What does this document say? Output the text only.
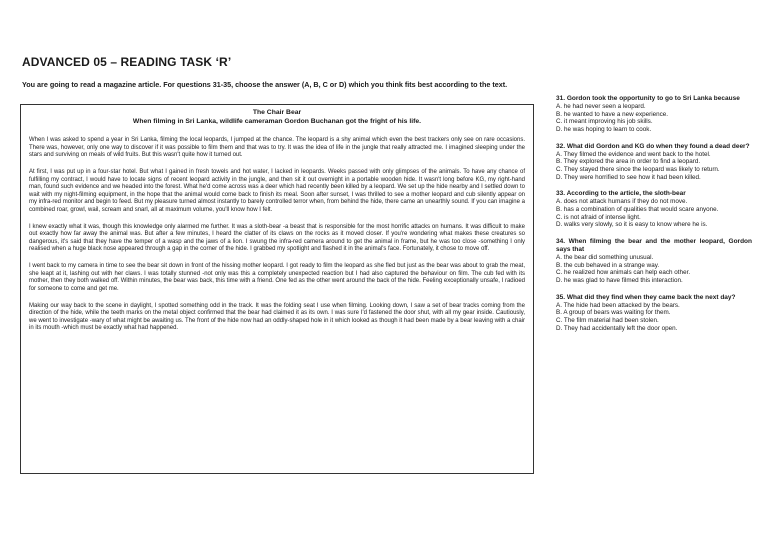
ADVANCED 05 – READING TASK ‘R’
You are going to read a magazine article. For questions 31-35, choose the answer (A, B, C or D) which you think fits best according to the text.
The Chair Bear
When filming in Sri Lanka, wildlife cameraman Gordon Buchanan got the fright of his life.

When I was asked to spend a year in Sri Lanka, filming the local leopards, I jumped at the chance. The leopard is a shy animal which even the best trackers only see on rare occasions. There was, however, only one way to discover if it was possible to film them and that was to try. It was the idea of life in the jungle that really attracted me. I imagined sleeping under the stars and surviving on meals of wild fruits. But this wasn't quite how it turned out.

At first, I was put up in a four-star hotel. But what I gained in fresh towels and hot water, I lacked in leopards. Weeks passed with only glimpses of the animals. To have any chance of fulfilling my contract, I would have to locate signs of recent leopard activity in the jungle, and then sit it out overnight in a portable wooden hide. It wasn't long before KG, my right-hand man, found such evidence and we headed into the forest. What he'd come across was a deer which had recently been killed by a leopard. We set up the hide nearby and I settled down to wait with my night-filming equipment, in the hope that the animal would come back to finish its meal. Soon after sunset, I was thrilled to see a mother leopard and cub silently appear on my infra-red monitor and begin to feed. But my pleasure turned almost instantly to barely controlled terror when, from behind the hide, there came an unearthly sound. If you can imagine a combined roar, growl, wail, scream and snarl, all at maximum volume, you'll know how I felt.

I knew exactly what it was, though this knowledge only alarmed me further. It was a sloth-bear -a beast that is responsible for the most horrific attacks on humans. It was difficult to make out exactly how far away the animal was. But after a few minutes, I heard the clatter of its claws on the rocks as it moved closer. If you're wondering what makes these creatures so dangerous, it's said that they have the temper of a wasp and the jaws of a lion. I swung the infra-red camera around to get the animal in frame, but he was too close -something I only realised when a huge black nose appeared through a gap in the corner of the hide. I grabbed my spotlight and flashed it in the animal's face. Fortunately, it chose to move off.

I went back to my camera in time to see the bear sit down in front of the hissing mother leopard. I got ready to film the leopard as she fled but just as the bear was about to grab the meat, she leapt at it, lashing out with her claws. I was totally stunned -not only was this a completely unexpected reaction but I had also captured the behaviour on film. The cub fed with its mother, then they both walked off. Within minutes, the bear was back, this time with a friend. One fed as the other went around the back of the hide. Feeling exceptionally unsafe, I radioed for someone to come and get me.

Making our way back to the scene in daylight, I spotted something odd in the track. It was the folding seat I use when filming. Looking down, I saw a set of bear tracks coming from the direction of the hide, while the teeth marks on the metal object confirmed that the bear had claimed it as its own. I was sure I'd fastened the door shut, with all my gear inside. Cautiously, we went to investigate -wary of what might be awaiting us. The front of the hide now had an oddly-shaped hole in it which looked as though it had been made by a bear leaving with a chair in its mouth -which must be exactly what had happened.

31. Gordon took the opportunity to go to Sri Lanka because
A. he had never seen a leopard.
B. he wanted to have a new experience.
C. it meant improving his job skills.
D. he was hoping to learn to cook.
32. What did Gordon and KG do when they found a dead deer?
A. They filmed the evidence and went back to the hotel.
B. They explored the area in order to find a leopard.
C. They stayed there since the leopard was likely to return.
D. They were horrified to see how it had been killed.
33. According to the article, the sloth-bear
A. does not attack humans if they do not move.
B. has a combination of qualities that would scare anyone.
C. is not afraid of intense light.
D. walks very slowly, so it is easy to know where he is.
34. When filming the bear and the mother leopard, Gordon says that
A. the bear did something unusual.
B. the cub behaved in a strange way.
C. he realized how animals can help each other.
D. he was glad to have filmed this interaction.
35. What did they find when they came back the next day?
A. The hide had been attacked by the bears.
B. A group of bears was waiting for them.
C. The film material had been stolen.
D. They had accidentally left the door open.
